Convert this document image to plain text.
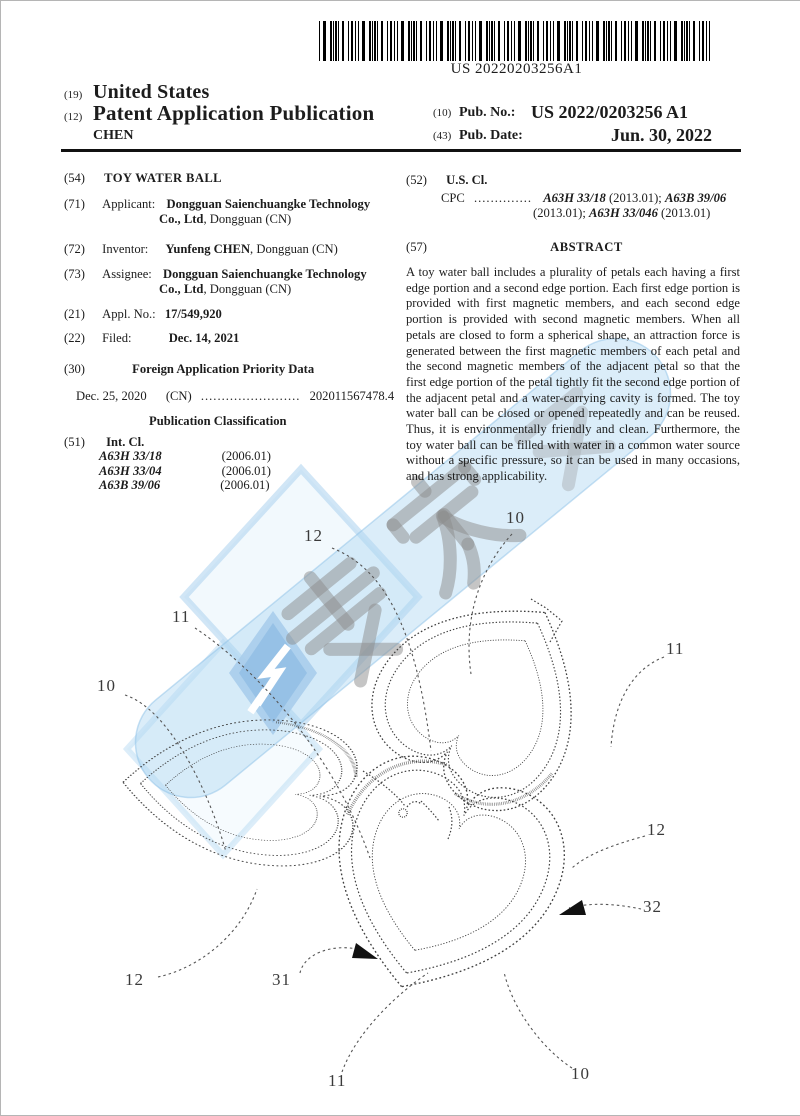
12
10
11
10
11
12
32
31
12
11	10
US 20220203256A1
(19) United States
(12) Patent Application Publication
CHEN
(10) Pub. No.: US 2022/0203256 A1
(43) Pub. Date:	Jun. 30, 2022
(54) TOY WATER BALL
(71) Applicant: Dongguan Saienchuangke Technology
Co., Ltd, Dongguan (CN)
(72) Inventor: Yunfeng CHEN, Dongguan (CN)
(73) Assignee: Dongguan Saienchuangke Technology
Co., Ltd, Dongguan (CN)
(21) Appl. No.: 17/549,920
(22) Filed:	Dec. 14, 2021
(30)	Foreign Application Priority Data
Dec. 25, 2020 (CN) ........................ 202011567478.4
Publication Classification
(51) Int. Cl.
A63H 33/18	(2006.01)
A63H 33/04	(2006.01)
A63B 39/06	(2006.01)
(52) U.S. Cl.
CPC .............. A63H 33/18 (2013.01); A63B 39/06
(2013.01); A63H 33/046 (2013.01)
(57)	ABSTRACT
A toy water ball includes a plurality of petals each having a first edge portion and a second edge portion. Each first edge portion is provided with first magnetic members, and each second edge portion is provided with second magnetic members. When all petals are closed to form a spherical shape, an attraction force is generated between the first magnetic members of each petal and the second magnetic members of the adjacent petal so that the first edge portion of the petal tightly fit the second edge portion of the adjacent petal and a water-carrying cavity is formed. The toy water ball can be closed or opened repeatedly and can be reused. Thus, it is environmentally friendly and clean. Furthermore, the toy water ball can be filled with water in a common water source without a specific pressure, so it can be used in many occasions, and has strong applicability.
